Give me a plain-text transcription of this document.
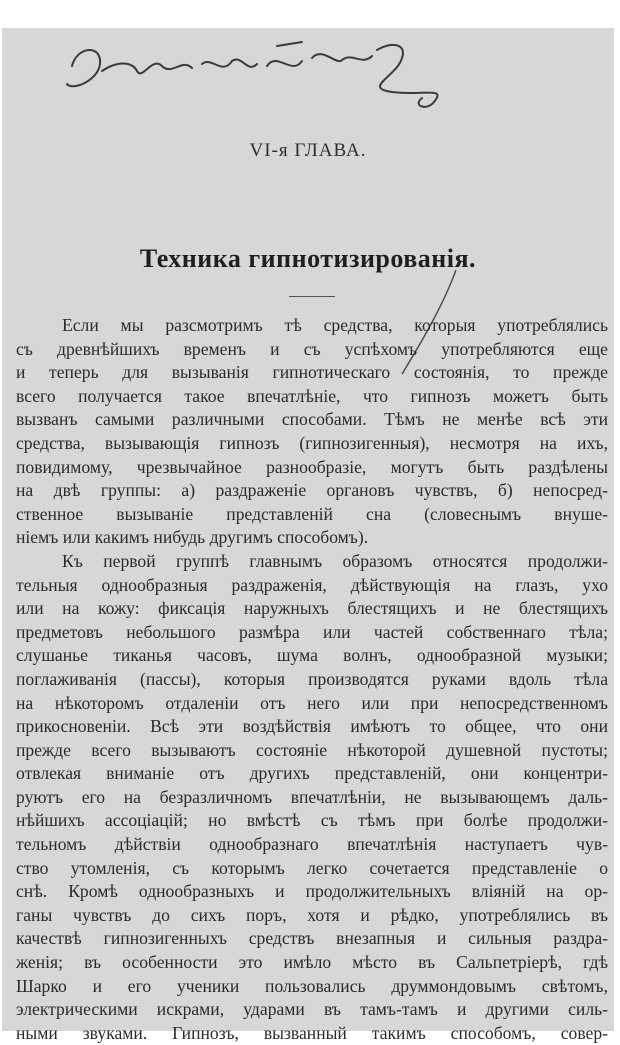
VI-я ГЛАВА.
Техника гипнотизированія.

Если мы разсмотримъ тѣ средства, которыя употреблялись
съ древнѣйшихъ временъ и съ успѣхомъ употребляются еще
и теперь для вызыванія гипнотическаго состоянія, то прежде
всего получается такое впечатлѣніе, что гипнозъ можетъ быть
вызванъ самыми различными способами. Тѣмъ не менѣе всѣ эти
средства, вызывающія гипнозъ (гипнозигенныя), несмотря на ихъ,
повидимому, чрезвычайное разнообразіе, могутъ быть раздѣлены
на двѣ группы: а) раздраженіе органовъ чувствъ, б) непосред-
ственное вызываніе представленій сна (словеснымъ внуше-
ніемъ или какимъ нибудь другимъ способомъ).

Къ первой группѣ главнымъ образомъ относятся продолжи-
тельныя однообразныя раздраженія, дѣйствующія на глазъ, ухо
или на кожу: фиксація наружныхъ блестящихъ и не блестящихъ
предметовъ небольшого размѣра или частей собственнаго тѣла;
слушанье тиканья часовъ, шума волнъ, однообразной музыки;
поглаживанія (пассы), которыя производятся руками вдоль тѣла
на нѣкоторомъ отдаленіи отъ него или при непосредственномъ
прикосновеніи. Всѣ эти воздѣйствія имѣютъ то общее, что они
прежде всего вызываютъ состояніе нѣкоторой душевной пустоты;
отвлекая вниманіе отъ другихъ представленій, они концентри-
руютъ его на безразличномъ впечатлѣніи, не вызывающемъ даль-
нѣйшихъ ассоціацій; но вмѣстѣ съ тѣмъ при болѣе продолжи-
тельномъ дѣйствіи однообразнаго впечатлѣнія наступаетъ чув-
ство утомленія, съ которымъ легко сочетается представленіе о
снѣ. Кромѣ однообразныхъ и продолжительныхъ вліяній на ор-
ганы чувствъ до сихъ поръ, хотя и рѣдко, употреблялись въ
качествѣ гипнозигенныхъ средствъ внезапныя и сильныя раздра-
женія; въ особенности это имѣло мѣсто въ Сальпетріерѣ, гдѣ
Шарко и его ученики пользовались друммондовымъ свѣтомъ,
электрическими искрами, ударами въ тамъ-тамъ и другими силь-
ными звуками. Гипнозъ, вызванный такимъ способомъ, совер-
